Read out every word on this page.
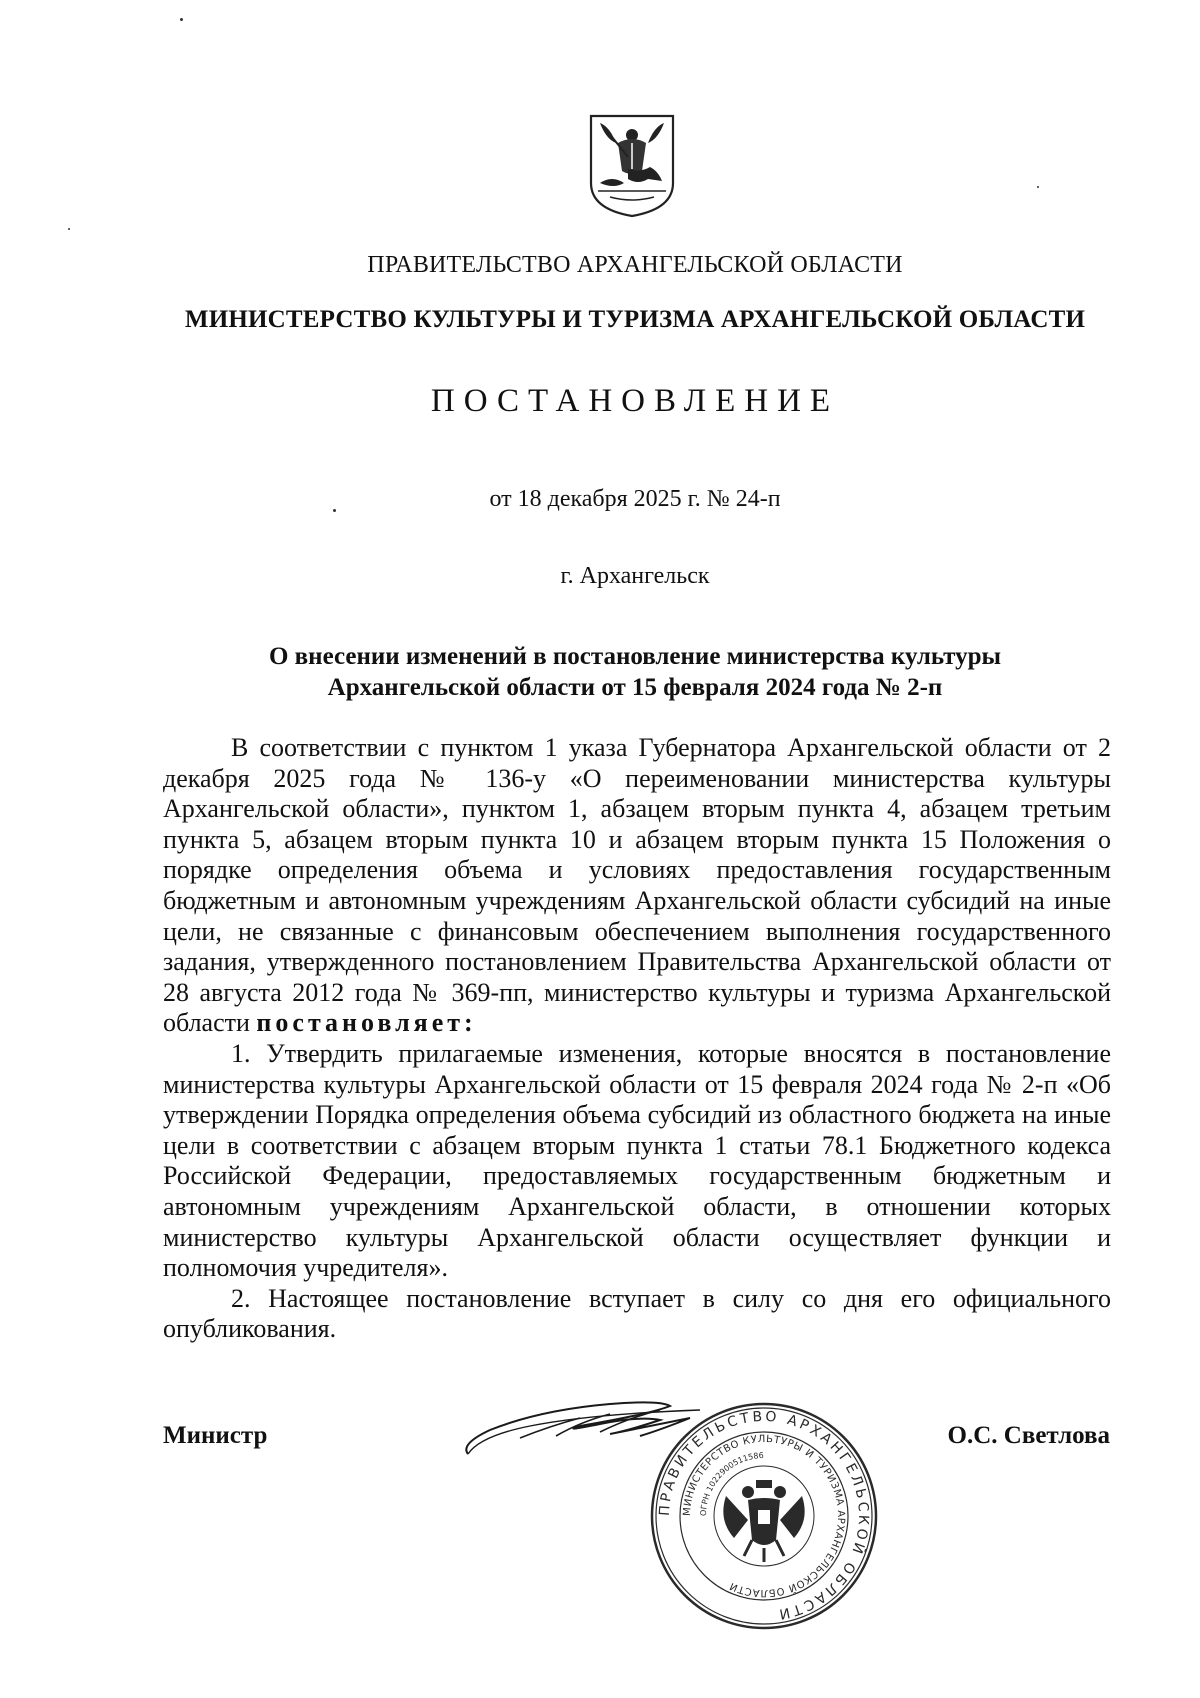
ПРАВИТЕЛЬСТВО АРХАНГЕЛЬСКОЙ ОБЛАСТИ
МИНИСТЕРСТВО КУЛЬТУРЫ И ТУРИЗМА АРХАНГЕЛЬСКОЙ ОБЛАСТИ
ПОСТАНОВЛЕНИЕ
от 18 декабря 2025 г. № 24-п
г. Архангельск
О внесении изменений в постановление министерства культуры
Архангельской области от 15 февраля 2024 года № 2-п

В соответствии с пунктом 1 указа Губернатора Архангельской области от 2 декабря 2025 года № 136-у «О переименовании министерства культуры Архангельской области», пунктом 1, абзацем вторым пункта 4, абзацем третьим пункта 5, абзацем вторым пункта 10 и абзацем вторым пункта 15 Положения о порядке определения объема и условиях предоставления государственным бюджетным и автономным учреждениям Архангельской области субсидий на иные цели, не связанные с финансовым обеспечением выполнения государственного задания, утвержденного постановлением Правительства Архангельской области от 28 августа 2012 года № 369-пп, министерство культуры и туризма Архангельской области постановляет:

1. Утвердить прилагаемые изменения, которые вносятся в постановление министерства культуры Архангельской области от 15 февраля 2024 года № 2-п «Об утверждении Порядка определения объема субсидий из областного бюджета на иные цели в соответствии с абзацем вторым пункта 1 статьи 78.1 Бюджетного кодекса Российской Федерации, предоставляемых государственным бюджетным и автономным учреждениям Архангельской области, в отношении которых министерство культуры Архангельской области осуществляет функции и полномочия учредителя».

2. Настоящее постановление вступает в силу со дня его официального опубликования.

Министр	О.С. Светлова
ПРАВИТЕЛЬСТВО АРХАНГЕЛЬСКОЙ ОБЛАСТИ
МИНИСТЕРСТВО КУЛЬТУРЫ И ТУРИЗМА АРХАНГЕЛЬСКОЙ ОБЛАСТИ
ОГРН 1022900511586
